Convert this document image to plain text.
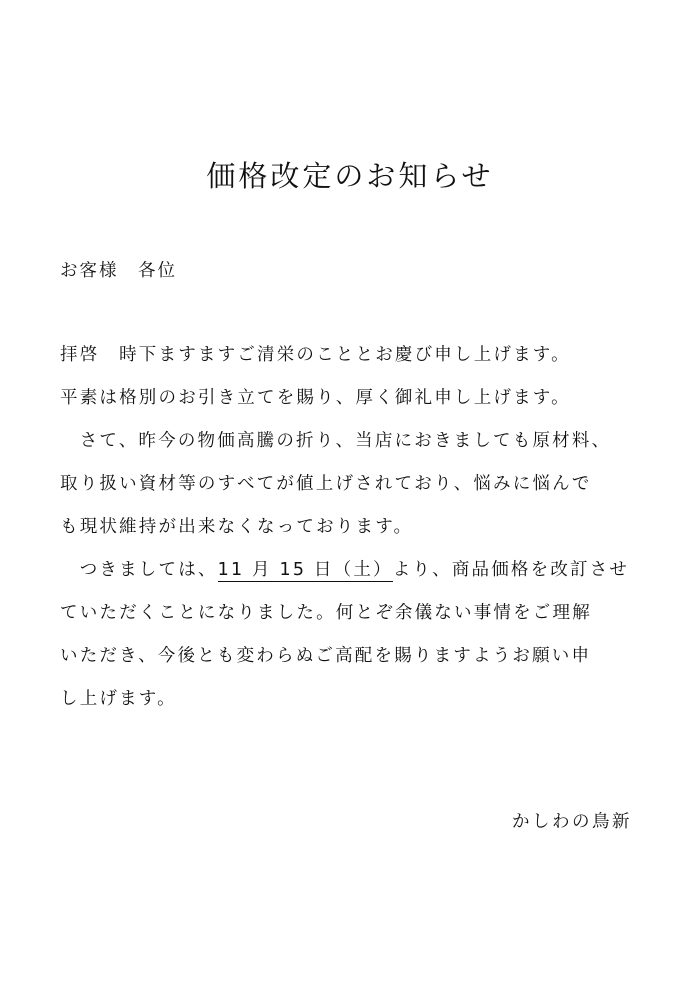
価格改定のお知らせ
お客様　各位
拝啓　時下ますますご清栄のこととお慶び申し上げます。
平素は格別のお引き立てを賜り、厚く御礼申し上げます。
　さて、昨今の物価高騰の折り、当店におきましても原材料、
取り扱い資材等のすべてが値上げされており、悩みに悩んで
も現状維持が出来なくなっております。
　つきましては、11 月 15 日（土）より、商品価格を改訂させ
ていただくことになりました。何とぞ余儀ない事情をご理解
いただき、今後とも変わらぬご高配を賜りますようお願い申
し上げます。
かしわの鳥新
